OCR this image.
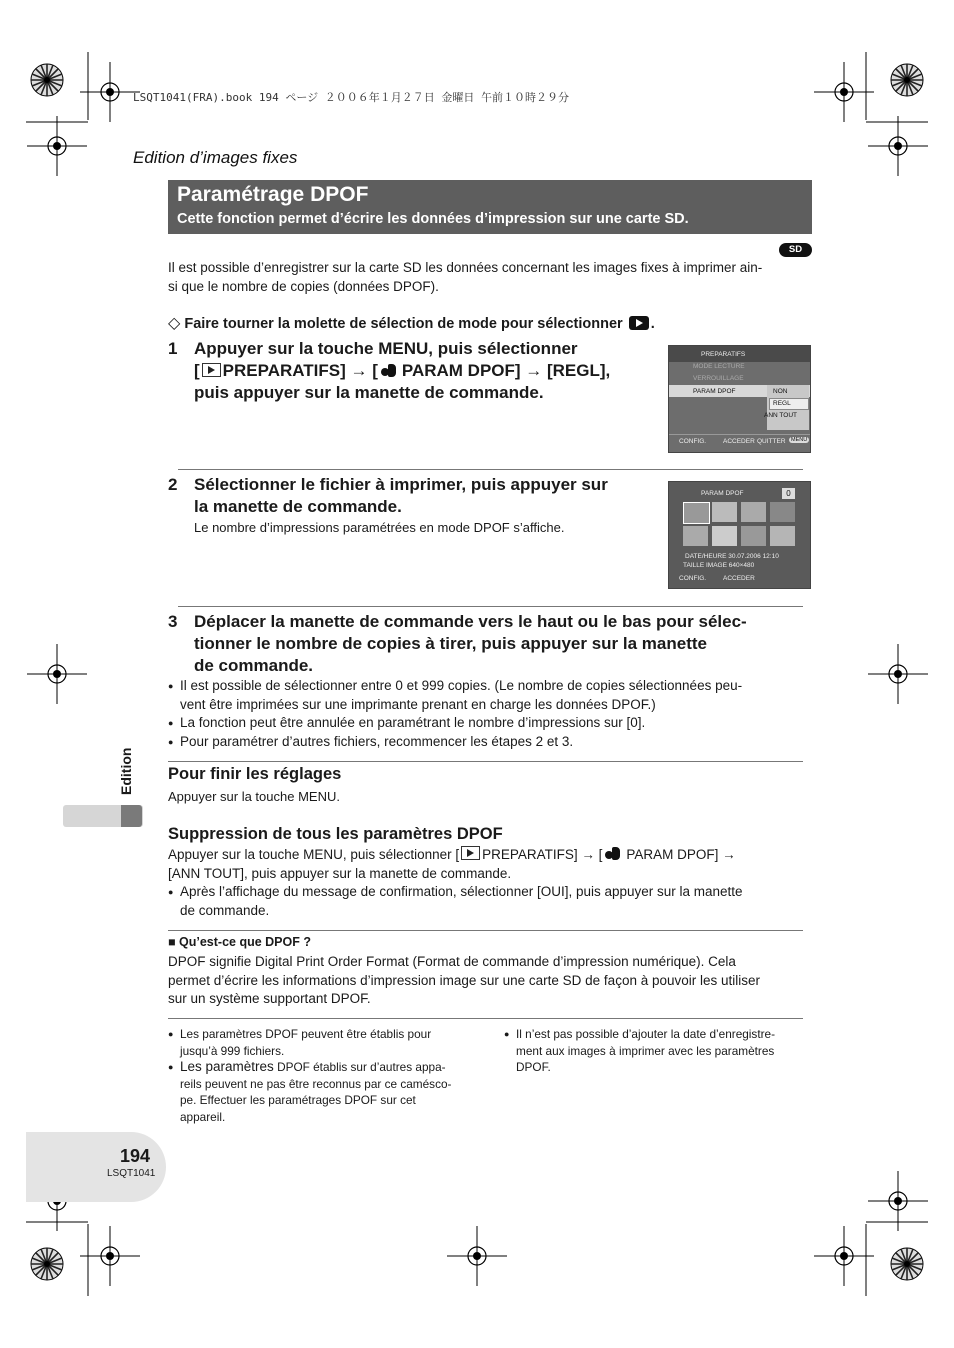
LSQT1041(FRA).book 194 ページ ２００６年１月２７日 金曜日 午前１０時２９分
Edition d’images fixes
Paramétrage DPOF
Cette fonction permet d’écrire les données d’impression sur une carte SD.
SD
Il est possible d’enregistrer sur la carte SD les données concernant les images fixes à imprimer ain-
si que le nombre de copies (données DPOF).
◇ Faire tourner la molette de sélection de mode pour sélectionner .
1 Appuyer sur la touche MENU, puis sélectionner
[ PREPARATIFS] → [ PARAM DPOF] → [REGL],
puis appuyer sur la manette de commande.
PREPARATIFS
MODE LECTURE
VERROUILLAGE
PARAM DPOF	NON
REGL
ANN TOUT
CONFIG.	ACCEDER QUITTER MENU
2 Sélectionner le fichier à imprimer, puis appuyer sur
la manette de commande.
Le nombre d’impressions paramétrées en mode DPOF s’affiche.
PARAM DPOF	0
DATE/HEURE 30.07.2006 12:10
TAILLE IMAGE 640×480
CONFIG.	ACCEDER
3 Déplacer la manette de commande vers le haut ou le bas pour sélec-
tionner le nombre de copies à tirer, puis appuyer sur la manette
de commande.
● Il est possible de sélectionner entre 0 et 999 copies. (Le nombre de copies sélectionnées peu-
vent être imprimées sur une imprimante prenant en charge les données DPOF.)
● La fonction peut être annulée en paramétrant le nombre d’impressions sur [0].
● Pour paramétrer d’autres fichiers, recommencer les étapes 2 et 3.
Pour finir les réglages
Appuyer sur la touche MENU.
Suppression de tous les paramètres DPOF
Appuyer sur la touche MENU, puis sélectionner [ PREPARATIFS] → [ PARAM DPOF] →
[ANN TOUT], puis appuyer sur la manette de commande.
● Après l’affichage du message de confirmation, sélectionner [OUI], puis appuyer sur la manette
de commande.
■ Qu’est-ce que DPOF ?
DPOF signifie Digital Print Order Format (Format de commande d’impression numérique). Cela
permet d’écrire les informations d’impression image sur une carte SD de façon à pouvoir les utiliser
sur un système supportant DPOF.
● Les paramètres DPOF peuvent être établis pour
jusqu’à 999 fichiers.
● Les paramètres DPOF établis sur d’autres appa-
reils peuvent ne pas être reconnus par ce camésco-
pe. Effectuer les paramétrages DPOF sur cet
appareil.
● Il n’est pas possible d’ajouter la date d’enregistre-
ment aux images à imprimer avec les paramètres
DPOF.
Edition
194
LSQT1041
